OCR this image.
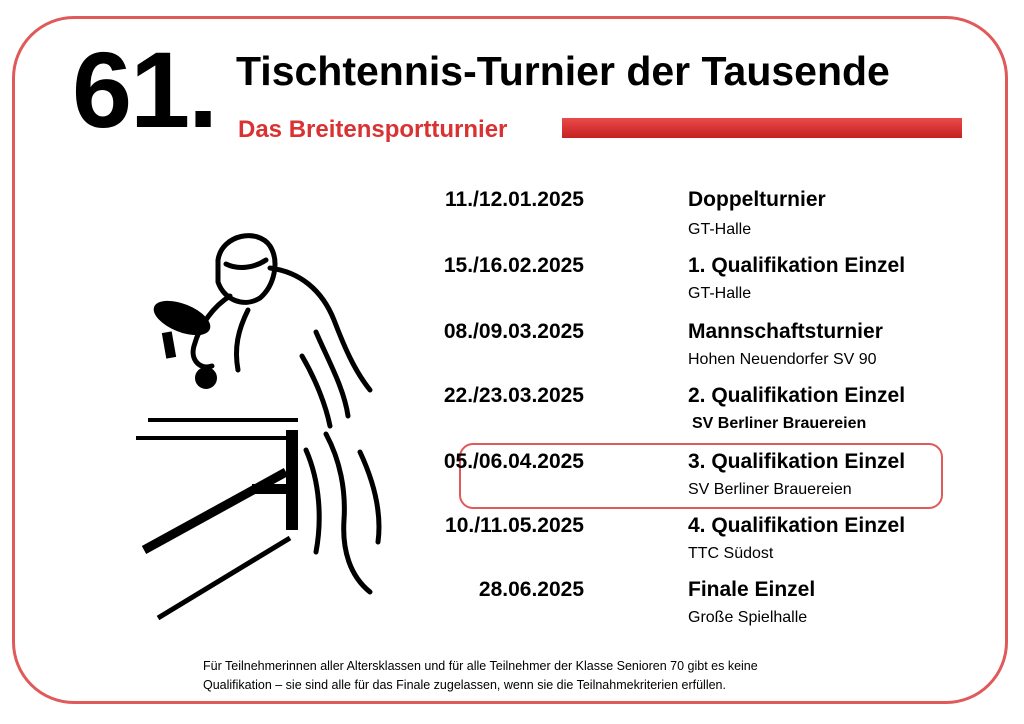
61. Tischtennis-Turnier der Tausende
Das Breitensportturnier
11./12.01.2025	Doppelturnier
GT-Halle
15./16.02.2025	1. Qualifikation Einzel
GT-Halle
08./09.03.2025	Mannschaftsturnier
Hohen Neuendorfer SV 90
22./23.03.2025	2. Qualifikation Einzel
SV Berliner Brauereien
05./06.04.2025	3. Qualifikation Einzel
SV Berliner Brauereien
10./11.05.2025	4. Qualifikation Einzel
TTC Südost
28.06.2025	Finale Einzel
Große Spielhalle
Für Teilnehmerinnen aller Altersklassen und für alle Teilnehmer der Klasse Senioren 70 gibt es keine
Qualifikation – sie sind alle für das Finale zugelassen, wenn sie die Teilnahmekriterien erfüllen.
